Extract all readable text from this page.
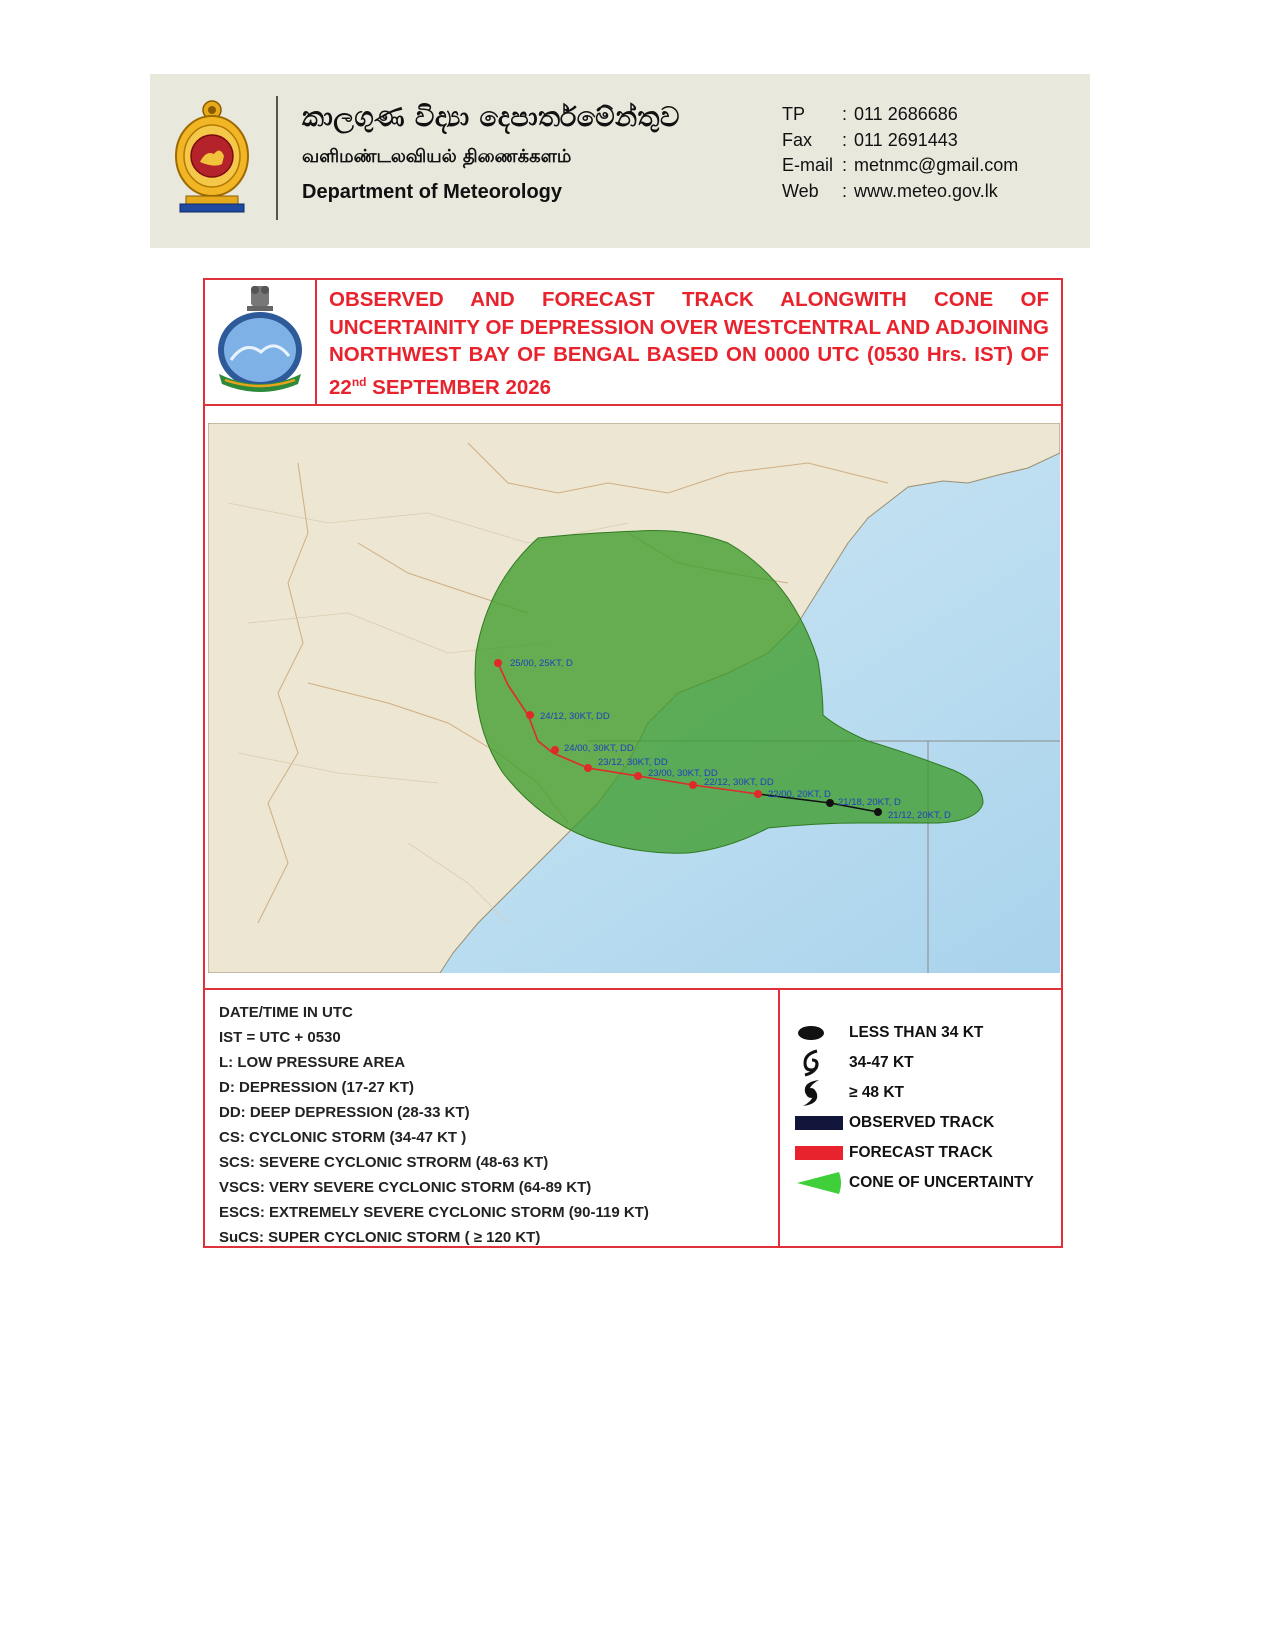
කාලගුණ විද්‍යා දෙපාර්තමේන්තුව
வளிமண்டலவியல் திணைக்களம்
Department of Meteorology
TP	: 011 2686686
Fax	: 011 2691443
E-mail : metnmc@gmail.com
Web	: www.meteo.gov.lk
OBSERVED AND FORECAST TRACK ALONGWITH CONE OF UNCERTAINITY OF DEPRESSION OVER WESTCENTRAL AND ADJOINING NORTHWEST BAY OF BENGAL BASED ON 0000 UTC (0530 Hrs. IST) OF 22nd SEPTEMBER 2026
25/00, 25KT, D
24/12, 30KT, DD
24/00, 30KT, DD
23/12, 30KT, DD
23/00, 30KT, DD
22/12, 30KT, DD
22/00, 20KT, D
21/18, 20KT, D
21/12, 20KT, D
DATE/TIME IN UTC
IST = UTC + 0530
L: LOW PRESSURE AREA
D: DEPRESSION (17-27 KT)
DD: DEEP DEPRESSION (28-33 KT)
CS: CYCLONIC STORM (34-47 KT )
SCS: SEVERE CYCLONIC STRORM (48-63 KT)
VSCS: VERY SEVERE CYCLONIC STORM (64-89 KT)
ESCS: EXTREMELY SEVERE CYCLONIC STORM (90-119 KT)
SuCS: SUPER CYCLONIC STORM ( ≥ 120 KT)
LESS THAN 34 KT
34-47 KT
≥ 48 KT
OBSERVED TRACK
FORECAST TRACK
CONE OF UNCERTAINTY
